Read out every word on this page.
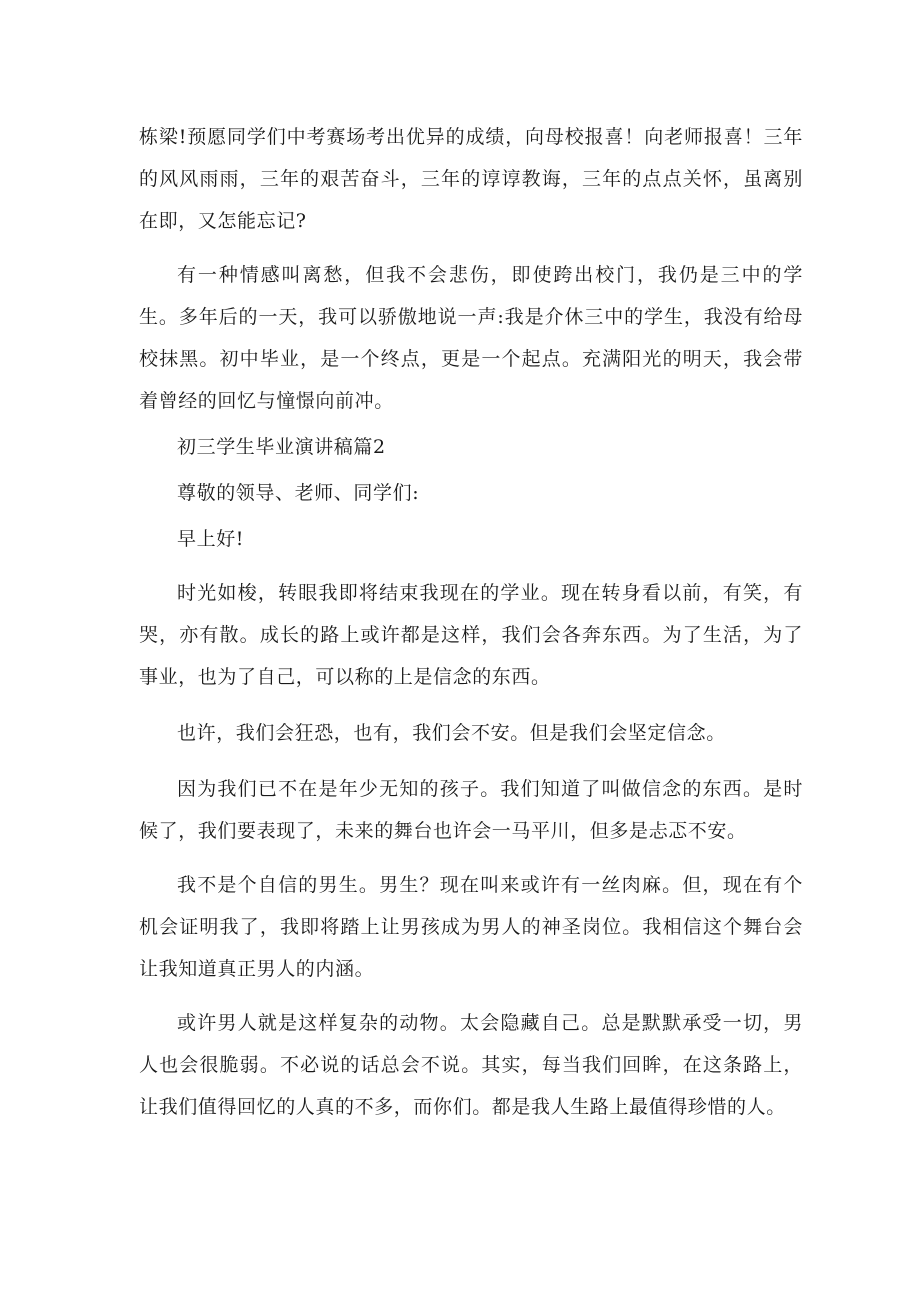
栋梁!预愿同学们中考赛场考出优异的成绩，向母校报喜！向老师报喜！三年的风风雨雨，三年的艰苦奋斗，三年的谆谆教诲，三年的点点关怀，虽离别在即，又怎能忘记?

有一种情感叫离愁，但我不会悲伤，即使跨出校门，我仍是三中的学生。多年后的一天，我可以骄傲地说一声:我是介休三中的学生，我没有给母校抹黑。初中毕业，是一个终点，更是一个起点。充满阳光的明天，我会带着曾经的回忆与憧憬向前冲。

初三学生毕业演讲稿篇2

尊敬的领导、老师、同学们:

早上好!

时光如梭，转眼我即将结束我现在的学业。现在转身看以前，有笑，有哭，亦有散。成长的路上或许都是这样，我们会各奔东西。为了生活，为了事业，也为了自己，可以称的上是信念的东西。

也许，我们会狂恐，也有，我们会不安。但是我们会坚定信念。

因为我们已不在是年少无知的孩子。我们知道了叫做信念的东西。是时候了，我们要表现了，未来的舞台也许会一马平川，但多是忐忑不安。

我不是个自信的男生。男生？现在叫来或许有一丝肉麻。但，现在有个机会证明我了，我即将踏上让男孩成为男人的神圣岗位。我相信这个舞台会让我知道真正男人的内涵。

或许男人就是这样复杂的动物。太会隐藏自己。总是默默承受一切，男人也会很脆弱。不必说的话总会不说。其实，每当我们回眸，在这条路上，让我们值得回忆的人真的不多，而你们。都是我人生路上最值得珍惜的人。
